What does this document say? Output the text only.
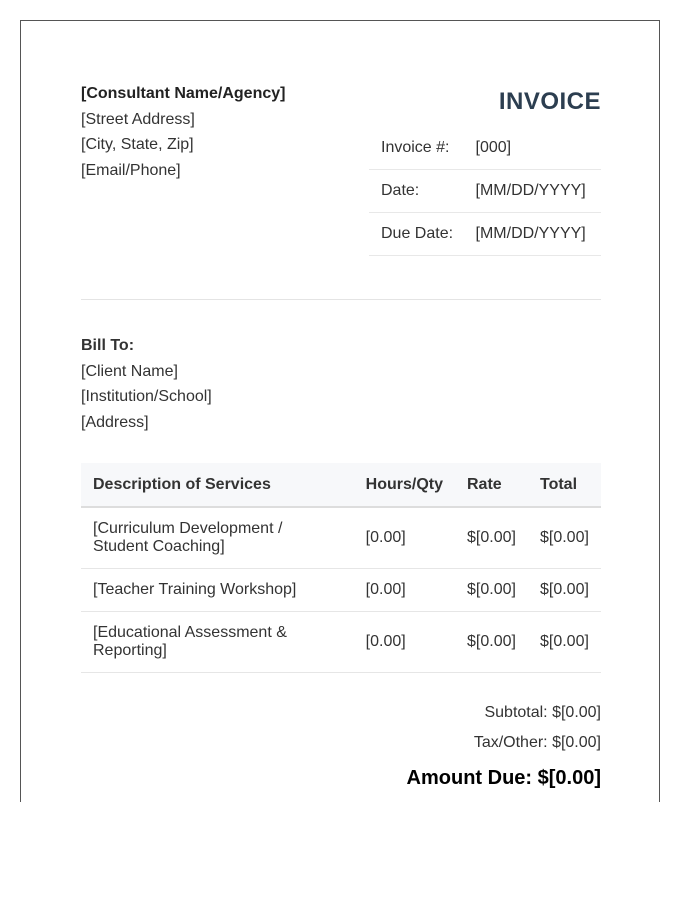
[Consultant Name/Agency]
[Street Address]
[City, State, Zip]
[Email/Phone]
INVOICE
Invoice #:	[000]
Date:	[MM/DD/YYYY]
Due Date:	[MM/DD/YYYY]
Bill To:
[Client Name]
[Institution/School]
[Address]
Description of Services	Hours/Qty	Rate	Total
[Curriculum Development / Student Coaching]	[0.00]	$[0.00]	$[0.00]
[Teacher Training Workshop]	[0.00]	$[0.00]	$[0.00]
[Educational Assessment & Reporting]	[0.00]	$[0.00]	$[0.00]
Subtotal: $[0.00]
Tax/Other: $[0.00]
Amount Due: $[0.00]
